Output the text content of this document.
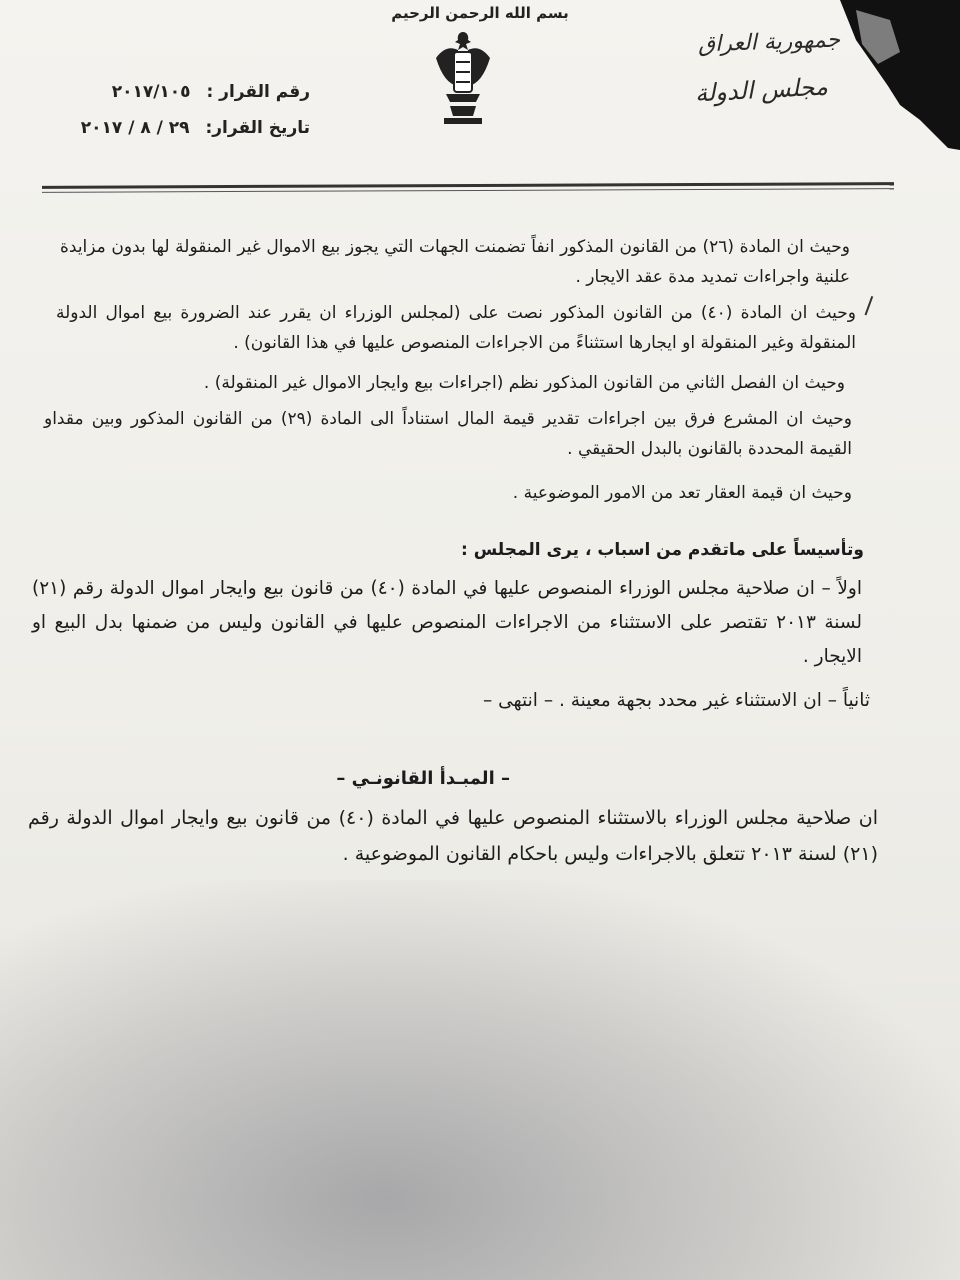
بسم الله الرحمن الرحيم
جمهورية العراق
مجلس الدولة
رقم القرار : ٢٠١٧/١٠٥
تاريخ القرار: ٢٩ / ٨ / ٢٠١٧
وحيث ان المادة (٢٦) من القانون المذكور انفاً تضمنت الجهات التي يجوز بيع الاموال غير المنقولة لها بدون مزايدة علنية واجراءات تمديد مدة عقد الايجار .
وحيث ان المادة (٤٠) من القانون المذكور نصت على (لمجلس الوزراء ان يقرر عند الضرورة بيع اموال الدولة المنقولة وغير المنقولة او ايجارها استثناءً من الاجراءات المنصوص عليها في هذا القانون) .
وحيث ان الفصل الثاني من القانون المذكور نظم (اجراءات بيع وايجار الاموال غير المنقولة) .
وحيث ان المشرع فرق بين اجراءات تقدير قيمة المال استناداً الى المادة (٢٩) من القانون المذكور وبين مقداو القيمة المحددة بالقانون بالبدل الحقيقي .
وحيث ان قيمة العقار تعد من الامور الموضوعية .
وتأسيساً على ماتقدم من اسباب ، يرى المجلس :
اولاً – ان صلاحية مجلس الوزراء المنصوص عليها في المادة (٤٠) من قانون بيع وايجار اموال الدولة رقم (٢١) لسنة ٢٠١٣ تقتصر على الاستثناء من الاجراءات المنصوص عليها في القانون وليس من ضمنها بدل البيع او الايجار .
ثانياً – ان الاستثناء غير محدد بجهة معينة . – انتهى –
– المبـدأ القانونـي –
ان صلاحية مجلس الوزراء بالاستثناء المنصوص عليها في المادة (٤٠) من قانون بيع وايجار اموال الدولة رقم (٢١) لسنة ٢٠١٣ تتعلق بالاجراءات وليس باحكام القانون الموضوعية .
